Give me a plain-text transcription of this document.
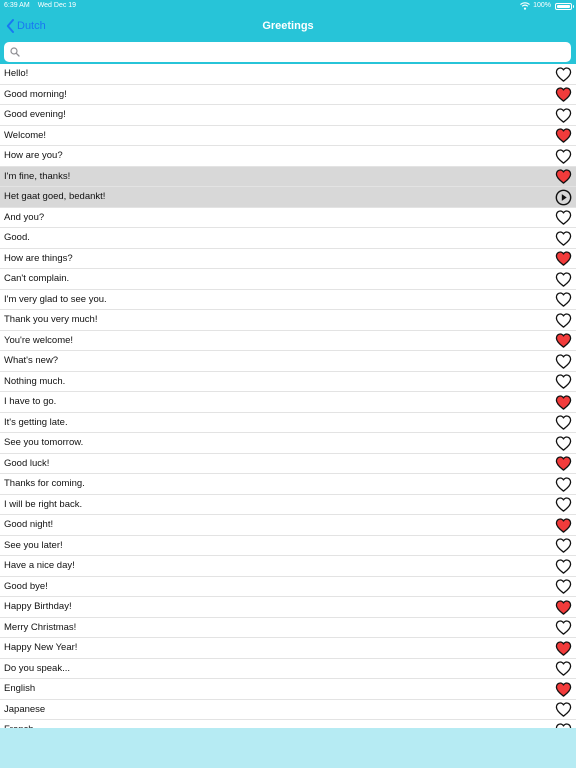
6:39 AM Wed Dec 19	100%
Dutch	Greetings
Hello!
Good morning!
Good evening!
Welcome!
How are you?
I'm fine, thanks!
Het gaat goed, bedankt!
And you?
Good.
How are things?
Can't complain.
I'm very glad to see you.
Thank you very much!
You're welcome!
What's new?
Nothing much.
I have to go.
It's getting late.
See you tomorrow.
Good luck!
Thanks for coming.
I will be right back.
Good night!
See you later!
Have a nice day!
Good bye!
Happy Birthday!
Merry Christmas!
Happy New Year!
Do you speak...
English
Japanese
